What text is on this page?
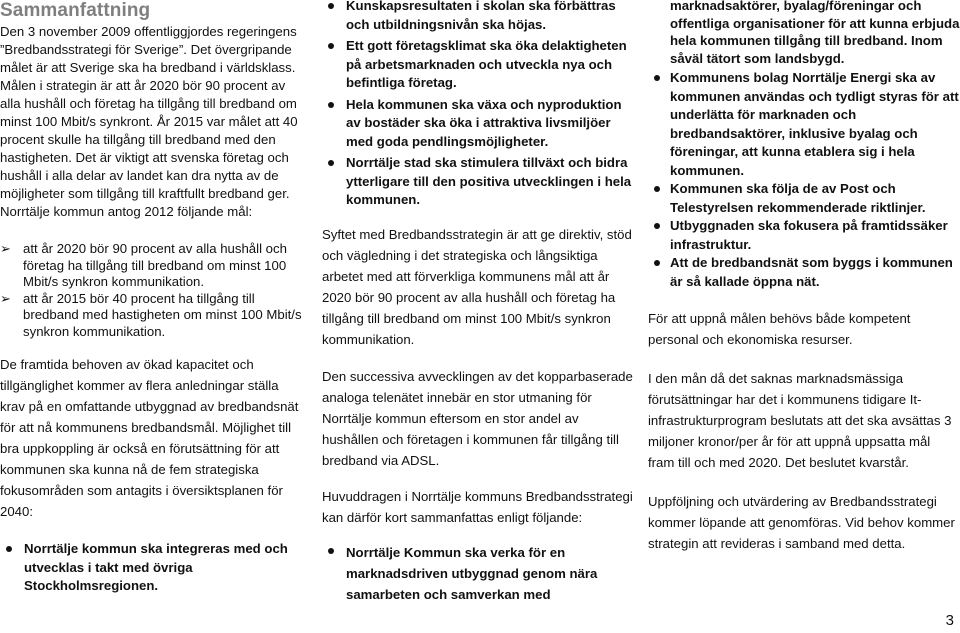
Sammanfattning

Den 3 november 2009 offentliggjordes regeringens ”Bredbandsstrategi för Sverige”. Det övergripande målet är att Sverige ska ha bredband i världsklass. Målen i strategin är att år 2020 bör 90 procent av alla hushåll och företag ha tillgång till bredband om minst 100 Mbit/s synkront. År 2015 var målet att 40 procent skulle ha tillgång till bredband med den hastigheten. Det är viktigt att svenska företag och hushåll i alla delar av landet kan dra nytta av de möjligheter som tillgång till kraftfullt bredband ger. Norrtälje kommun antog 2012 följande mål:

➢ att år 2020 bör 90 procent av alla hushåll och företag ha tillgång till bredband om minst 100 Mbit/s synkron kommunikation.
➢ att år 2015 bör 40 procent ha tillgång till bredband med hastigheten om minst 100 Mbit/s synkron kommunikation.

De framtida behoven av ökad kapacitet och tillgänglighet kommer av flera anledningar ställa krav på en omfattande utbyggnad av bredbandsnät för att nå kommunens bredbandsmål. Möjlighet till bra uppkoppling är också en förutsättning för att kommunen ska kunna nå de fem strategiska fokusområden som antagits i översiktsplanen för 2040:

Norrtälje kommun ska integreras med och utvecklas i takt med övriga Stockholmsregionen.
Kunskapsresultaten i skolan ska förbättras och utbildningsnivån ska höjas.
Ett gott företagsklimat ska öka delaktigheten på arbetsmarknaden och utveckla nya och befintliga företag.
Hela kommunen ska växa och nyproduktion av bostäder ska öka i attraktiva livsmiljöer med goda pendlingsmöjligheter.
Norrtälje stad ska stimulera tillväxt och bidra ytterligare till den positiva utvecklingen i hela kommunen.

Syftet med Bredbandsstrategin är att ge direktiv, stöd och vägledning i det strategiska och långsiktiga arbetet med att förverkliga kommunens mål att år 2020 bör 90 procent av alla hushåll och företag ha tillgång till bredband om minst 100 Mbit/s synkron kommunikation.

Den successiva avvecklingen av det kopparbaserade analoga telenätet innebär en stor utmaning för Norrtälje kommun eftersom en stor andel av hushållen och företagen i kommunen får tillgång till bredband via ADSL.

Huvuddragen i Norrtälje kommuns Bredbandsstrategi kan därför kort sammanfattas enligt följande:

Norrtälje Kommun ska verka för en marknadsdriven utbyggnad genom nära samarbeten och samverkan med

marknadsaktörer, byalag/föreningar och offentliga organisationer för att kunna erbjuda hela kommunen tillgång till bredband. Inom såväl tätort som landsbygd.

Kommunens bolag Norrtälje Energi ska av kommunen användas och tydligt styras för att underlätta för marknaden och bredbandsaktörer, inklusive byalag och föreningar, att kunna etablera sig i hela kommunen.
Kommunen ska följa de av Post och Telestyrelsen rekommenderade riktlinjer.
Utbyggnaden ska fokusera på framtidssäker infrastruktur.
Att de bredbandsnät som byggs i kommunen är så kallade öppna nät.

För att uppnå målen behövs både kompetent personal och ekonomiska resurser.

I den mån då det saknas marknadsmässiga förutsättningar har det i kommunens tidigare It-infrastrukturprogram beslutats att det ska avsättas 3 miljoner kronor/per år för att uppnå uppsatta mål fram till och med 2020. Det beslutet kvarstår.

Uppföljning och utvärdering av Bredbandsstrategi kommer löpande att genomföras. Vid behov kommer strategin att revideras i samband med detta.

3
